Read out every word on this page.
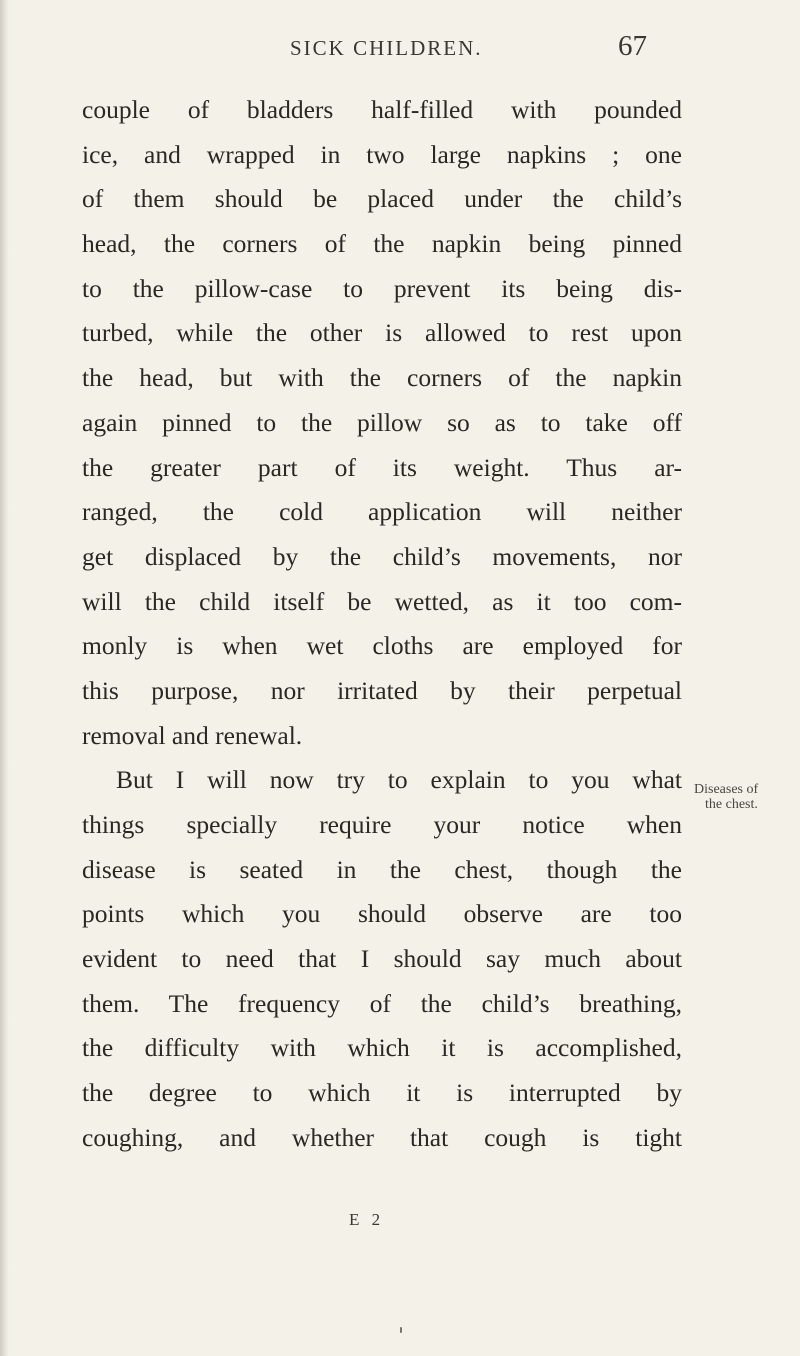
SICK CHILDREN.	67
couple of bladders half-filled with pounded
ice, and wrapped in two large napkins ; one
of them should be placed under the child’s
head, the corners of the napkin being pinned
to the pillow-case to prevent its being dis-
turbed, while the other is allowed to rest upon
the head, but with the corners of the napkin
again pinned to the pillow so as to take off
the greater part of its weight. Thus ar-
ranged, the cold application will neither
get displaced by the child’s movements, nor
will the child itself be wetted, as it too com-
monly is when wet cloths are employed for
this purpose, nor irritated by their perpetual
removal and renewal.
But I will now try to explain to you what
things specially require your notice when
disease is seated in the chest, though the
points which you should observe are too
evident to need that I should say much about
them. The frequency of the child’s breathing,
the difficulty with which it is accomplished,
the degree to which it is interrupted by
coughing, and whether that cough is tight
Diseases of
the chest.
E 2
